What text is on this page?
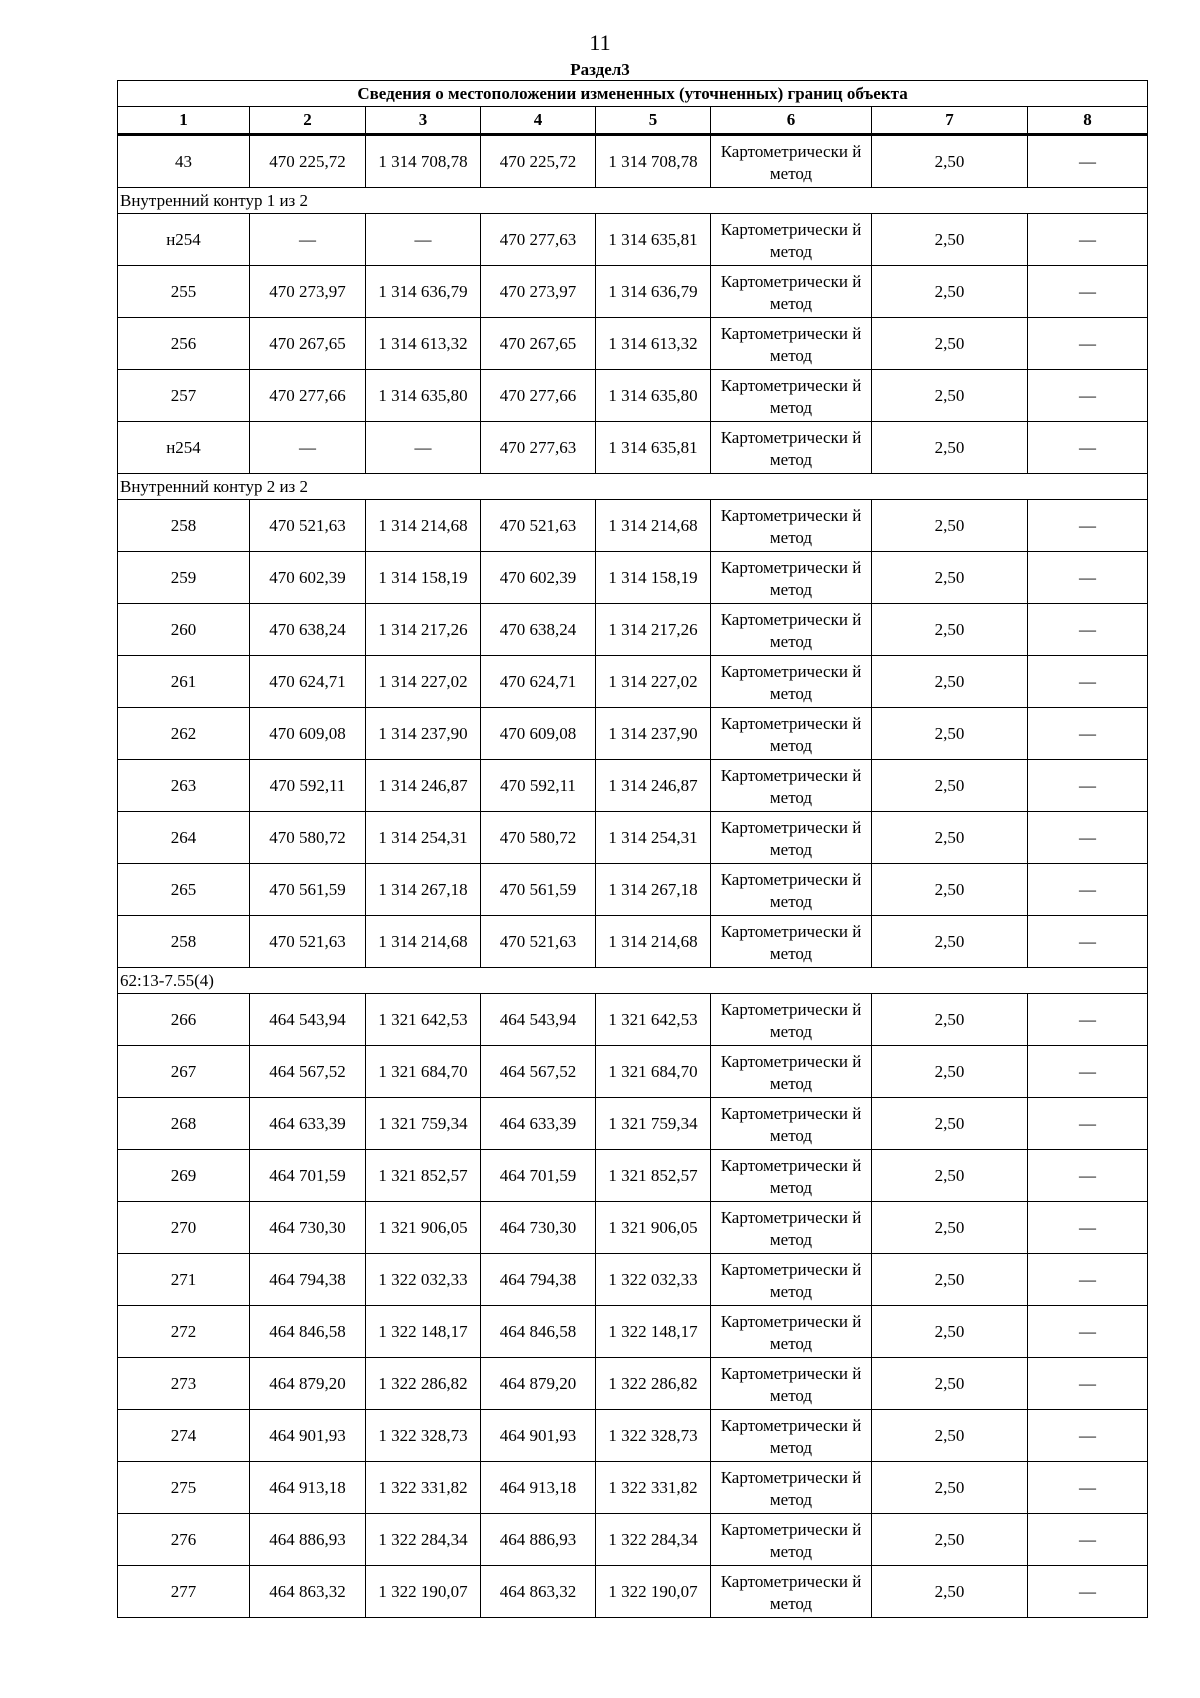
11
Раздел3
Сведения о местоположении измененных (уточненных) границ объекта							
1	2	3	4	5	6	7	8
43	470 225,72	1 314 708,78	470 225,72	1 314 708,78	Картометрически й метод	2,50	—
Внутренний контур 1 из 2							
н254	—	—	470 277,63	1 314 635,81	Картометрически й метод	2,50	—
255	470 273,97	1 314 636,79	470 273,97	1 314 636,79	Картометрически й метод	2,50	—
256	470 267,65	1 314 613,32	470 267,65	1 314 613,32	Картометрически й метод	2,50	—
257	470 277,66	1 314 635,80	470 277,66	1 314 635,80	Картометрически й метод	2,50	—
н254	—	—	470 277,63	1 314 635,81	Картометрически й метод	2,50	—
Внутренний контур 2 из 2							
258	470 521,63	1 314 214,68	470 521,63	1 314 214,68	Картометрически й метод	2,50	—
259	470 602,39	1 314 158,19	470 602,39	1 314 158,19	Картометрически й метод	2,50	—
260	470 638,24	1 314 217,26	470 638,24	1 314 217,26	Картометрически й метод	2,50	—
261	470 624,71	1 314 227,02	470 624,71	1 314 227,02	Картометрически й метод	2,50	—
262	470 609,08	1 314 237,90	470 609,08	1 314 237,90	Картометрически й метод	2,50	—
263	470 592,11	1 314 246,87	470 592,11	1 314 246,87	Картометрически й метод	2,50	—
264	470 580,72	1 314 254,31	470 580,72	1 314 254,31	Картометрически й метод	2,50	—
265	470 561,59	1 314 267,18	470 561,59	1 314 267,18	Картометрически й метод	2,50	—
258	470 521,63	1 314 214,68	470 521,63	1 314 214,68	Картометрически й метод	2,50	—
62:13-7.55(4)							
266	464 543,94	1 321 642,53	464 543,94	1 321 642,53	Картометрически й метод	2,50	—
267	464 567,52	1 321 684,70	464 567,52	1 321 684,70	Картометрически й метод	2,50	—
268	464 633,39	1 321 759,34	464 633,39	1 321 759,34	Картометрически й метод	2,50	—
269	464 701,59	1 321 852,57	464 701,59	1 321 852,57	Картометрически й метод	2,50	—
270	464 730,30	1 321 906,05	464 730,30	1 321 906,05	Картометрически й метод	2,50	—
271	464 794,38	1 322 032,33	464 794,38	1 322 032,33	Картометрически й метод	2,50	—
272	464 846,58	1 322 148,17	464 846,58	1 322 148,17	Картометрически й метод	2,50	—
273	464 879,20	1 322 286,82	464 879,20	1 322 286,82	Картометрически й метод	2,50	—
274	464 901,93	1 322 328,73	464 901,93	1 322 328,73	Картометрически й метод	2,50	—
275	464 913,18	1 322 331,82	464 913,18	1 322 331,82	Картометрически й метод	2,50	—
276	464 886,93	1 322 284,34	464 886,93	1 322 284,34	Картометрически й метод	2,50	—
277	464 863,32	1 322 190,07	464 863,32	1 322 190,07	Картометрически й метод	2,50	—
